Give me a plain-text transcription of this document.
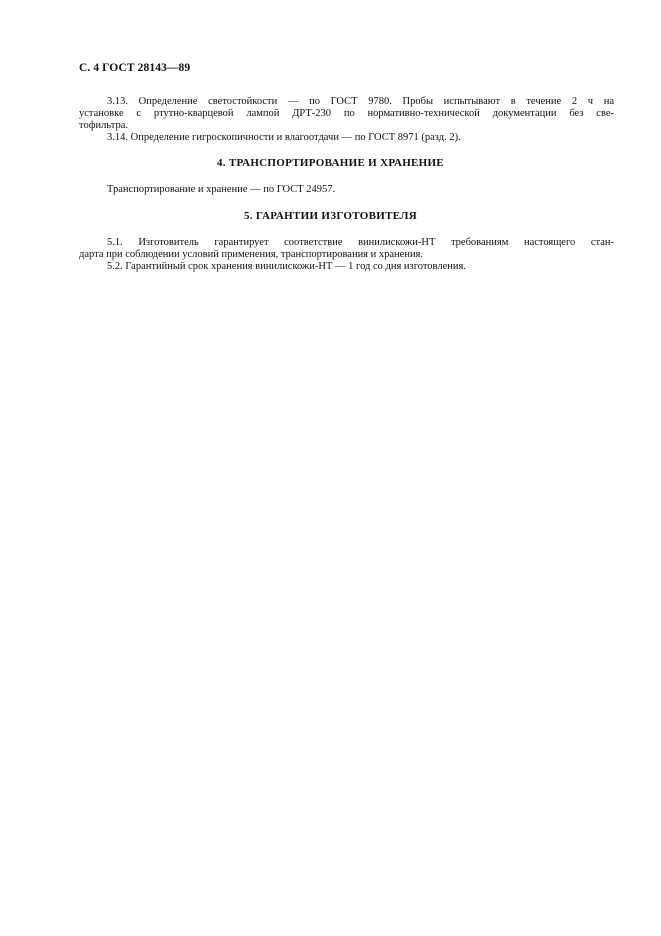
С. 4 ГОСТ 28143—89
3.13. Определение светостойкости — по ГОСТ 9780. Пробы испытывают в течение 2 ч на
установке с ртутно-кварцевой лампой ДРТ-230 по нормативно-технической документации без све-
тофильтра.
3.14. Определение гигроскопичности и влагоотдачи — по ГОСТ 8971 (разд. 2).
4. ТРАНСПОРТИРОВАНИЕ И ХРАНЕНИЕ
Транспортирование и хранение — по ГОСТ 24957.
5. ГАРАНТИИ ИЗГОТОВИТЕЛЯ
5.1. Изготовитель гарантирует соответствие винилискожи-НТ требованиям настоящего стан-
дарта при соблюдении условий применения, транспортирования и хранения.
5.2. Гарантийный срок хранения винилискожи-НТ — 1 год со дня изготовления.
